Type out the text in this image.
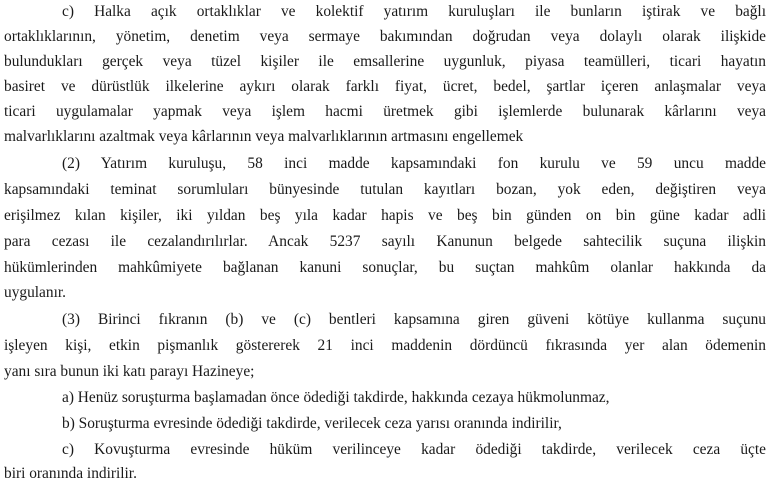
c) Halka açık ortaklıklar ve kolektif yatırım kuruluşları ile bunların iştirak ve bağlı
ortaklıklarının, yönetim, denetim veya sermaye bakımından doğrudan veya dolaylı olarak ilişkide
bulundukları gerçek veya tüzel kişiler ile emsallerine uygunluk, piyasa teamülleri, ticari hayatın
basiret ve dürüstlük ilkelerine aykırı olarak farklı fiyat, ücret, bedel, şartlar içeren anlaşmalar veya
ticari uygulamalar yapmak veya işlem hacmi üretmek gibi işlemlerde bulunarak kârlarını veya
malvarlıklarını azaltmak veya kârlarının veya malvarlıklarının artmasını engellemek
(2) Yatırım kuruluşu, 58 inci madde kapsamındaki fon kurulu ve 59 uncu madde
kapsamındaki teminat sorumluları bünyesinde tutulan kayıtları bozan, yok eden, değiştiren veya
erişilmez kılan kişiler, iki yıldan beş yıla kadar hapis ve beş bin günden on bin güne kadar adli
para cezası ile cezalandırılırlar. Ancak 5237 sayılı Kanunun belgede sahtecilik suçuna ilişkin
hükümlerinden mahkûmiyete bağlanan kanuni sonuçlar, bu suçtan mahkûm olanlar hakkında da
uygulanır.
(3) Birinci fıkranın (b) ve (c) bentleri kapsamına giren güveni kötüye kullanma suçunu
işleyen kişi, etkin pişmanlık göstererek 21 inci maddenin dördüncü fıkrasında yer alan ödemenin
yanı sıra bunun iki katı parayı Hazineye;
a) Henüz soruşturma başlamadan önce ödediği takdirde, hakkında cezaya hükmolunmaz,
b) Soruşturma evresinde ödediği takdirde, verilecek ceza yarısı oranında indirilir,
c) Kovuşturma evresinde hüküm verilinceye kadar ödediği takdirde, verilecek ceza üçte
biri oranında indirilir.
